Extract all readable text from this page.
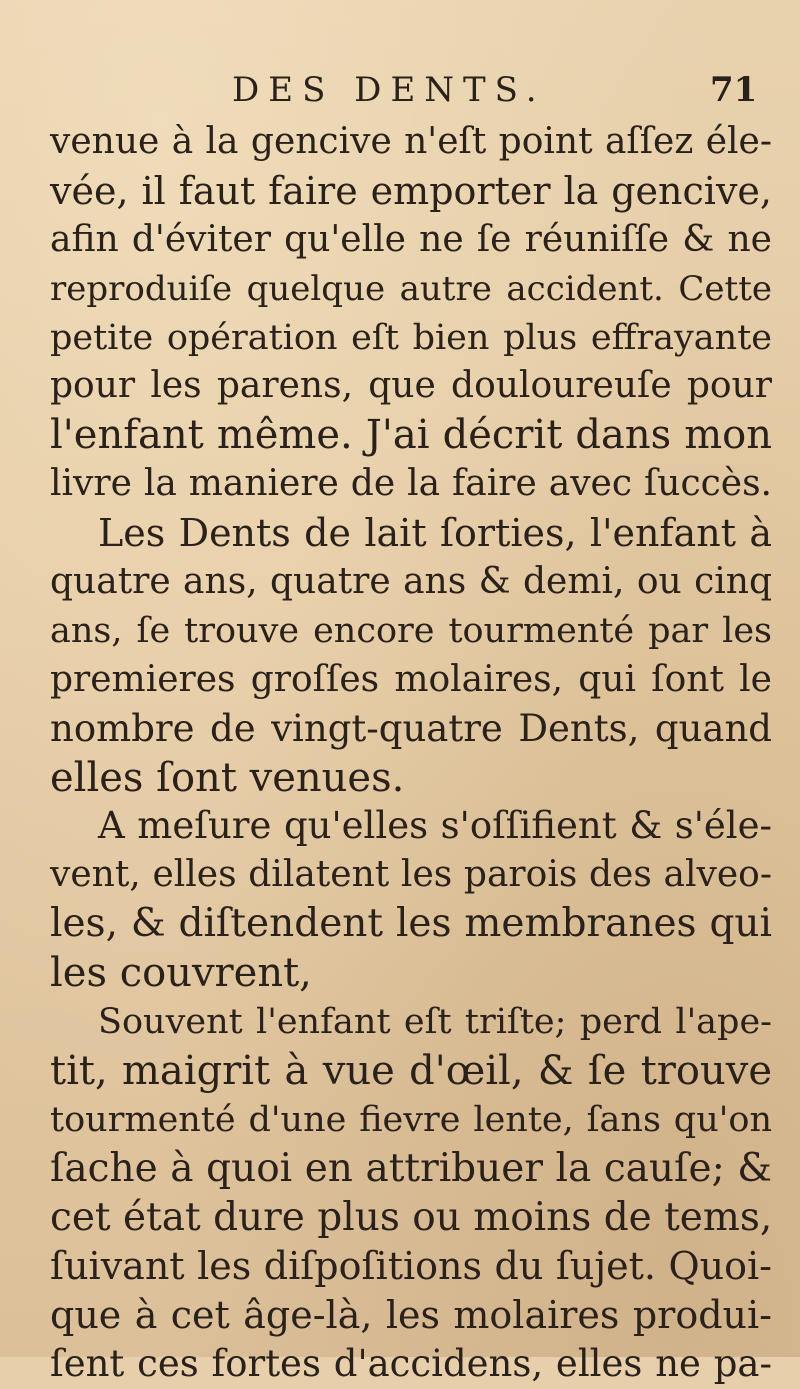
DES DENTS.	71
venue à la gencive n'eſt point aſſez éle-
vée, il faut faire emporter la gencive,
afin d'éviter qu'elle ne ſe réuniſſe & ne
reproduiſe quelque autre accident. Cette
petite opération eſt bien plus effrayante
pour les parens, que douloureuſe pour
l'enfant même. J'ai décrit dans mon
livre la maniere de la faire avec ſuccès.
Les Dents de lait ſorties, l'enfant à
quatre ans, quatre ans & demi, ou cinq
ans, ſe trouve encore tourmenté par les
premieres groſſes molaires, qui ſont le
nombre de vingt-quatre Dents, quand
elles ſont venues.
A meſure qu'elles s'oſſifient & s'éle-
vent, elles dilatent les parois des alveo-
les, & diſtendent les membranes qui
les couvrent,
Souvent l'enfant eſt triſte; perd l'ape-
tit, maigrit à vue d'œil, & ſe trouve
tourmenté d'une fievre lente, ſans qu'on
ſache à quoi en attribuer la cauſe; &
cet état dure plus ou moins de tems,
ſuivant les diſpoſitions du ſujet. Quoi-
que à cet âge-là, les molaires produi-
ſent ces fortes d'accidens, elles ne pa-
